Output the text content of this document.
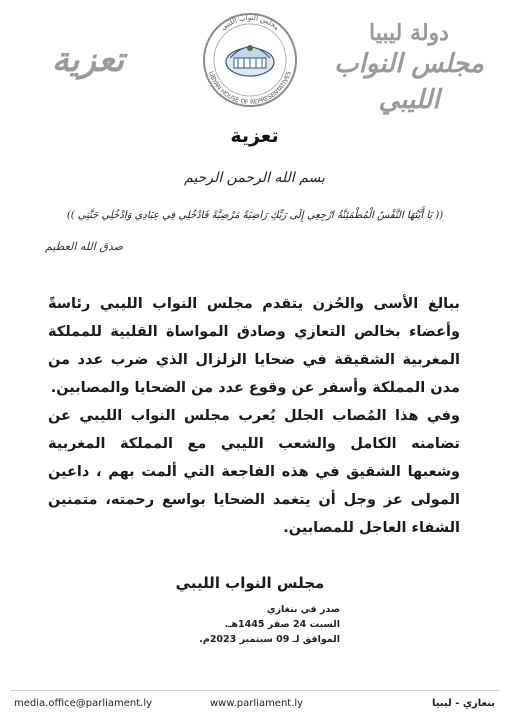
تعزية
مجلس النواب الليبي
LIBYAN HOUSE OF REPRESENTATIVES
دولة ليبيا
مجلس النواب الليبي
تعزية
بسم الله الرحمن الرحيم
(( يَا أَيَّتُهَا النَّفْسُ الْمُطْمَئِنَّةُ ارْجِعِي إِلَى رَبِّكِ رَاضِيَةً مَرْضِيَّةً فَادْخُلِي فِي عِبَادِي وَادْخُلِي جَنَّتِي ))
صدق الله العظيم

ببالغ الأسى والحُزن يتقدم مجلس النواب الليبي رئاسةً وأعضاء بخالص التعازي وصادق المواساة القلبية للمملكة المغربية الشقيقة في ضحايا الزلزال الذي ضرب عدد من مدن المملكة وأسفر عن وقوع عدد من الضحايا والمصابين.

وفي هذا المُصاب الجلل يُعرب مجلس النواب الليبي عن تضامنه الكامل والشعب الليبي مع المملكة المغربية وشعبها الشقيق في هذه الفاجعة التي ألمت بهم ، داعين المولى عز وجل أن يتغمد الضحايا بواسع رحمته، متمنين الشفاء العاجل للمصابين.

مجلس النواب الليبي
صدر في بنغازي
السبت 24 صفر 1445هـ.
الموافق لـ 09 سبتمبر 2023م.
media.office@parliament.ly	www.parliament.ly	بنغازي - ليبيا
